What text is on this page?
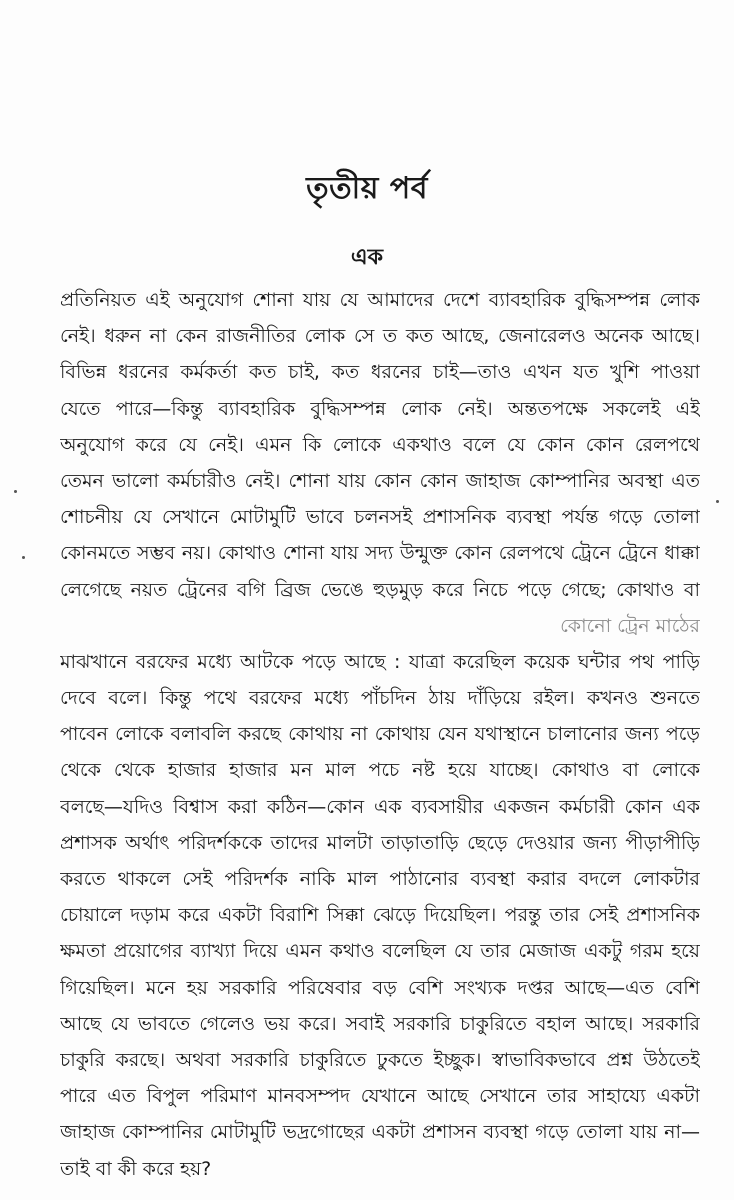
তৃতীয় পর্ব
এক
প্রতিনিয়ত এই অনুযোগ শোনা যায় যে আমাদের দেশে ব্যাবহারিক বুদ্ধিসম্পন্ন লোক
নেই। ধরুন না কেন রাজনীতির লোক সে ত কত আছে, জেনারেলও অনেক আছে।
বিভিন্ন ধরনের কর্মকর্তা কত চাই, কত ধরনের চাই—তাও এখন যত খুশি পাওয়া
যেতে পারে—কিন্তু ব্যাবহারিক বুদ্ধিসম্পন্ন লোক নেই। অন্ততপক্ষে সকলেই এই
অনুযোগ করে যে নেই। এমন কি লোকে একথাও বলে যে কোন কোন রেলপথে
তেমন ভালো কর্মচারীও নেই। শোনা যায় কোন কোন জাহাজ কোম্পানির অবস্থা এত
শোচনীয় যে সেখানে মোটামুটি ভাবে চলনসই প্রশাসনিক ব্যবস্থা পর্যন্ত গড়ে তোলা
কোনমতে সম্ভব নয়। কোথাও শোনা যায় সদ্য উন্মুক্ত কোন রেলপথে ট্রেনে ট্রেনে ধাক্কা
লেগেছে নয়ত ট্রেনের বগি ব্রিজ ভেঙে হুড়মুড় করে নিচে পড়ে গেছে; কোথাও বা
কোনো ট্রেন মাঠের
মাঝখানে বরফের মধ্যে আটকে পড়ে আছে : যাত্রা করেছিল কয়েক ঘন্টার পথ পাড়ি
দেবে বলে। কিন্তু পথে বরফের মধ্যে পাঁচদিন ঠায় দাঁড়িয়ে রইল। কখনও শুনতে
পাবেন লোকে বলাবলি করছে কোথায় না কোথায় যেন যথাস্থানে চালানোর জন্য পড়ে
থেকে থেকে হাজার হাজার মন মাল পচে নষ্ট হয়ে যাচ্ছে। কোথাও বা লোকে
বলছে—যদিও বিশ্বাস করা কঠিন—কোন এক ব্যবসায়ীর একজন কর্মচারী কোন এক
প্রশাসক অর্থাৎ পরিদর্শককে তাদের মালটা তাড়াতাড়ি ছেড়ে দেওয়ার জন্য পীড়াপীড়ি
করতে থাকলে সেই পরিদর্শক নাকি মাল পাঠানোর ব্যবস্থা করার বদলে লোকটার
চোয়ালে দড়াম করে একটা বিরাশি সিক্কা ঝেড়ে দিয়েছিল। পরন্তু তার সেই প্রশাসনিক
ক্ষমতা প্রয়োগের ব্যাখ্যা দিয়ে এমন কথাও বলেছিল যে তার মেজাজ একটু গরম হয়ে
গিয়েছিল। মনে হয় সরকারি পরিষেবার বড় বেশি সংখ্যক দপ্তর আছে—এত বেশি
আছে যে ভাবতে গেলেও ভয় করে। সবাই সরকারি চাকুরিতে বহাল আছে। সরকারি
চাকুরি করছে। অথবা সরকারি চাকুরিতে ঢুকতে ইচ্ছুক। স্বাভাবিকভাবে প্রশ্ন উঠতেই
পারে এত বিপুল পরিমাণ মানবসম্পদ যেখানে আছে সেখানে তার সাহায্যে একটা
জাহাজ কোম্পানির মোটামুটি ভদ্রগোছের একটা প্রশাসন ব্যবস্থা গড়ে তোলা যায় না—
তাই বা কী করে হয়?
